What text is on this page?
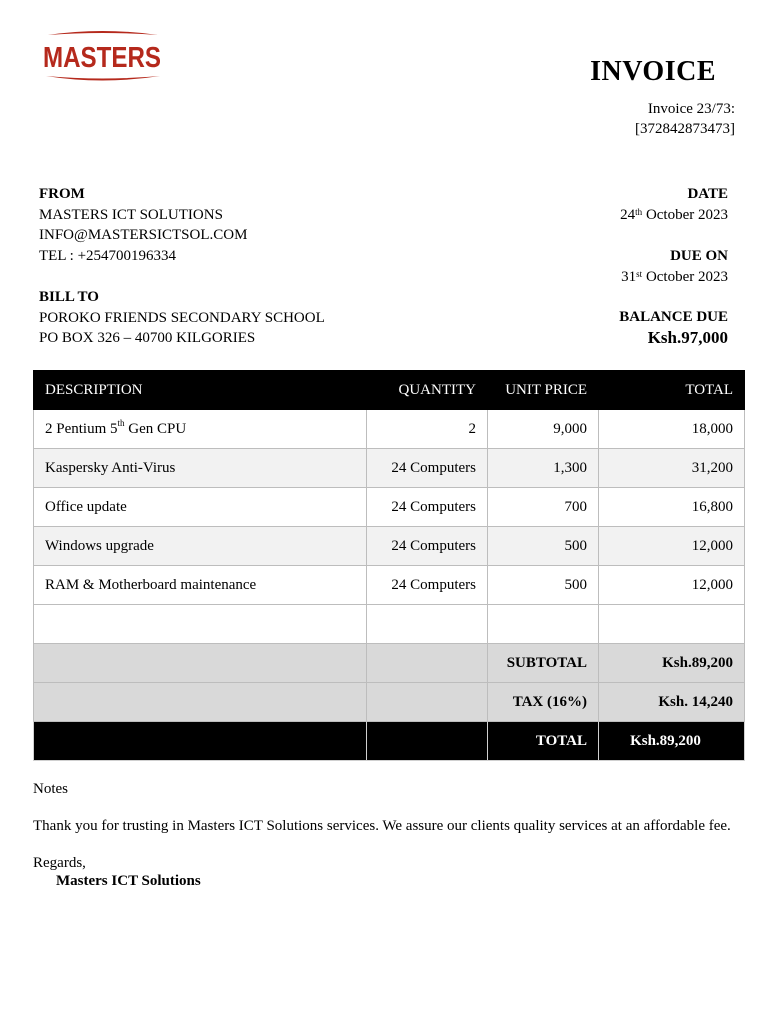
MASTERS	INVOICE
Invoice 23/73:
[372842873473]
FROM
MASTERS ICT SOLUTIONS
INFO@MASTERSICTSOL.COM
TEL : +254700196334
BILL TO
POROKO FRIENDS SECONDARY SCHOOL
PO BOX 326 – 40700 KILGORIES
DATE
24th October 2023
DUE ON
31st October 2023
BALANCE DUE
Ksh.97,000
DESCRIPTION	QUANTITY	UNIT PRICE	TOTAL
2 Pentium 5th Gen CPU	2	9,000	18,000
Kaspersky Anti-Virus	24 Computers	1,300	31,200
Office update	24 Computers	700	16,800
Windows upgrade	24 Computers	500	12,000
RAM & Motherboard maintenance	24 Computers	500	12,000

		SUBTOTAL	Ksh.89,200
		TAX (16%)	Ksh. 14,240
		TOTAL	Ksh.89,200

Notes

Thank you for trusting in Masters ICT Solutions services. We assure our clients quality services at an affordable fee.

Regards,
Masters ICT Solutions
